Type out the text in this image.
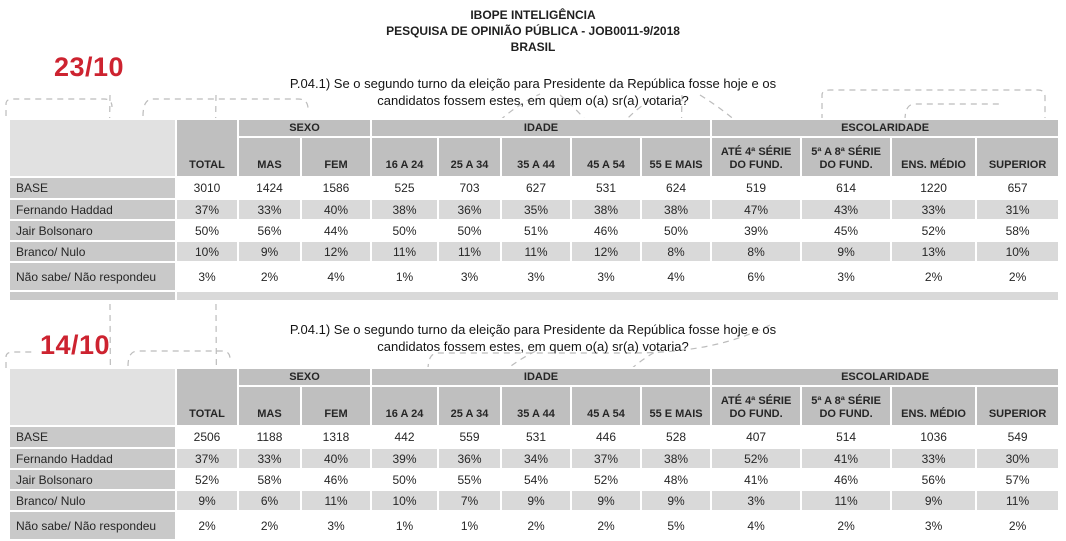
IBOPE INTELIGÊNCIA
PESQUISA DE OPINIÃO PÚBLICA - JOB0011-9/2018
BRASIL
23/10
14/10
P.04.1) Se o segundo turno da eleição para Presidente da República fosse hoje e os
candidatos fossem estes, em quem o(a) sr(a) votaria?
P.04.1) Se o segundo turno da eleição para Presidente da República fosse hoje e os
candidatos fossem estes, em quem o(a) sr(a) votaria?
	TOTAL	SEXO		IDADE					ESCOLARIDADE			
		MAS	FEM	16 A 24	25 A 34	35 A 44	45 A 54	55 E MAIS	ATÉ 4ª SÉRIE DO FUND.	5ª A 8ª SÉRIE DO FUND.	ENS. MÉDIO	SUPERIOR
BASE	3010	1424	1586	525	703	627	531	624	519	614	1220	657
Fernando Haddad	37%	33%	40%	38%	36%	35%	38%	38%	47%	43%	33%	31%
Jair Bolsonaro	50%	56%	44%	50%	50%	51%	46%	50%	39%	45%	52%	58%
Branco/ Nulo	10%	9%	12%	11%	11%	11%	12%	8%	8%	9%	13%	10%
Não sabe/ Não respondeu	3%	2%	4%	1%	3%	3%	3%	4%	6%	3%	2%	2%

	TOTAL	SEXO		IDADE					ESCOLARIDADE			
		MAS	FEM	16 A 24	25 A 34	35 A 44	45 A 54	55 E MAIS	ATÉ 4ª SÉRIE DO FUND.	5ª A 8ª SÉRIE DO FUND.	ENS. MÉDIO	SUPERIOR
BASE	2506	1188	1318	442	559	531	446	528	407	514	1036	549
Fernando Haddad	37%	33%	40%	39%	36%	34%	37%	38%	52%	41%	33%	30%
Jair Bolsonaro	52%	58%	46%	50%	55%	54%	52%	48%	41%	46%	56%	57%
Branco/ Nulo	9%	6%	11%	10%	7%	9%	9%	9%	3%	11%	9%	11%
Não sabe/ Não respondeu	2%	2%	3%	1%	1%	2%	2%	5%	4%	2%	3%	2%
